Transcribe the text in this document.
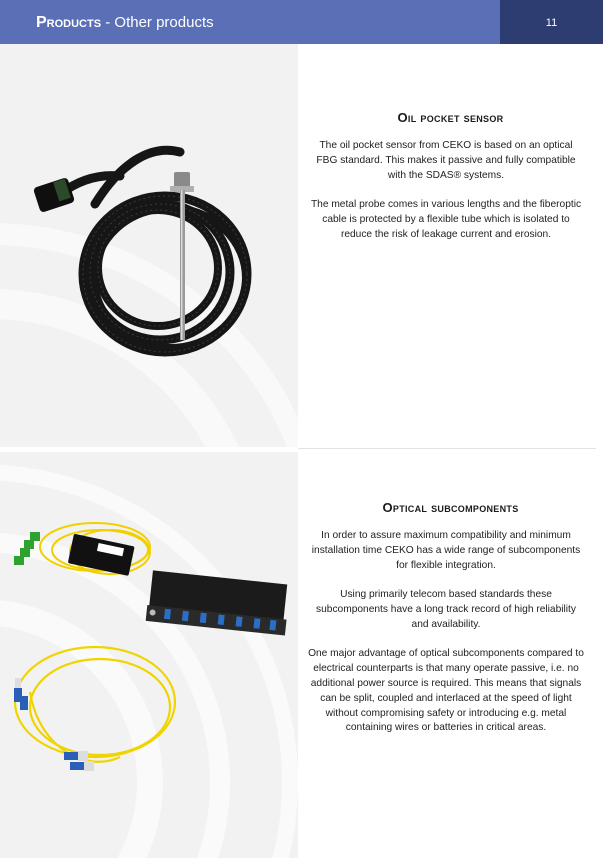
Products - Other products	11
Oil pocket sensor

The oil pocket sensor from CEKO is based on an optical FBG standard. This makes it passive and fully compatible with the SDAS® systems.

The metal probe comes in various lengths and the fiberoptic cable is protected by a flexible tube which is isolated to reduce the risk of leakage current and erosion.

Optical subcomponents

In order to assure maximum compatibility and minimum installation time CEKO has a wide range of subcomponents for flexible integration.

Using primarily telecom based standards these subcomponents have a long track record of high reliability and availability.

One major advantage of optical subcomponents compared to electrical counterparts is that many operate passive, i.e. no additional power source is required. This means that signals can be split, coupled and interlaced at the speed of light without compromising safety or introducing e.g. metal containing wires or batteries in critical areas.
